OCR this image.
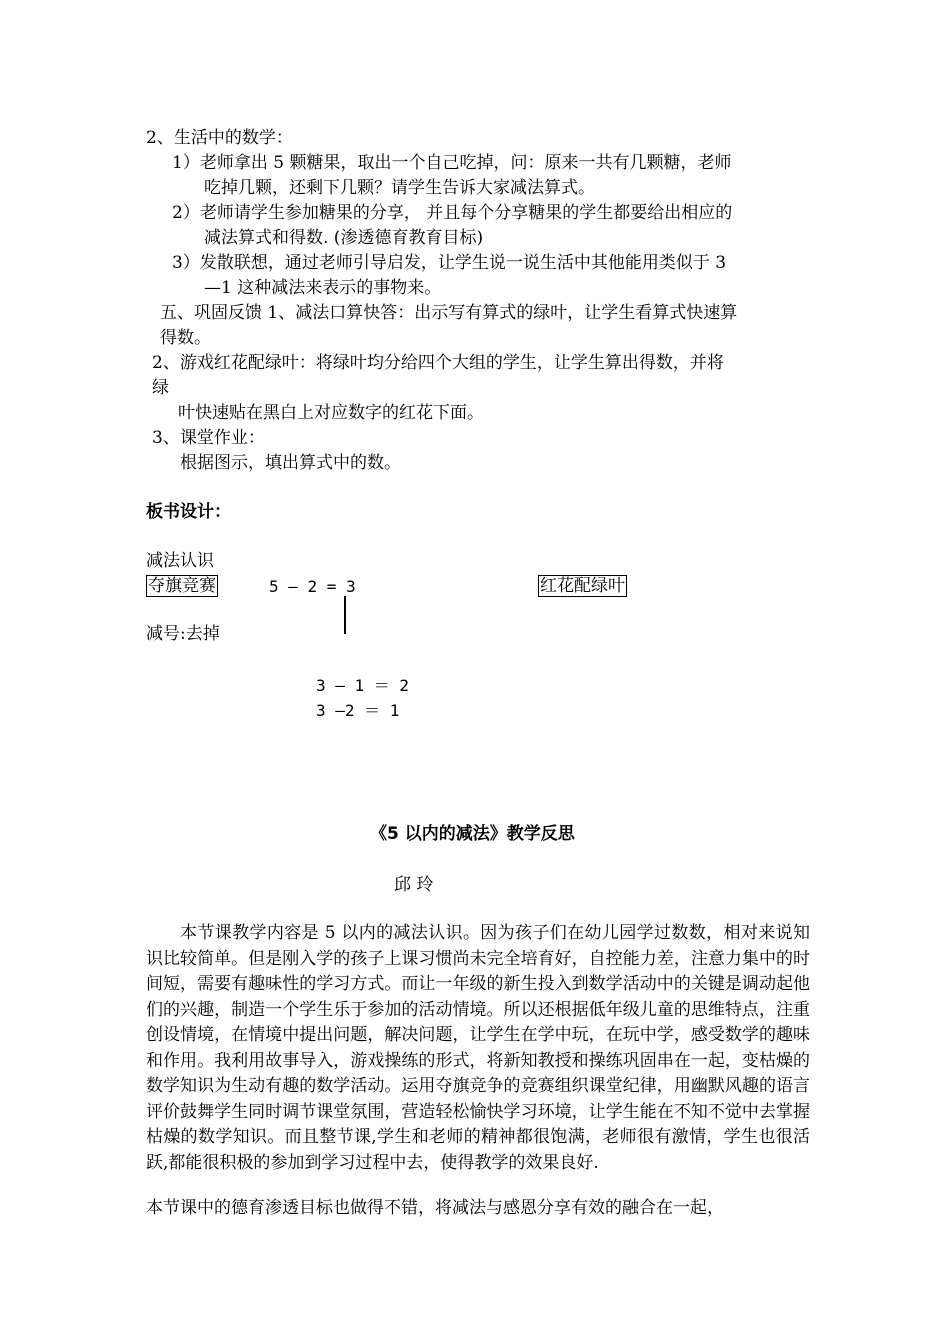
2、生活中的数学：
1）老师拿出 5 颗糖果，取出一个自己吃掉，问：原来一共有几颗糖，老师
吃掉几颗，还剩下几颗？请学生告诉大家减法算式。
2）老师请学生参加糖果的分享， 并且每个分享糖果的学生都要给出相应的
减法算式和得数. (渗透德育教育目标)
3）发散联想，通过老师引导启发，让学生说一说生活中其他能用类似于 3
—1 这种减法来表示的事物来。
五、巩固反馈 1、减法口算快答：出示写有算式的绿叶，让学生看算式快速算
得数。
2、游戏红花配绿叶：将绿叶均分给四个大组的学生，让学生算出得数，并将
绿
叶快速贴在黑白上对应数字的红花下面。
3、课堂作业：
根据图示，填出算式中的数。
板书设计：
减法认识
夺旗竞赛	5 – 2 = 3	红花配绿叶
减号:去掉
3 – 1 ＝ 2
3 –2 ＝ 1
《5 以内的减法》教学反思
邱 玲
本节课教学内容是 5 以内的减法认识。因为孩子们在幼儿园学过数数，相对来说知识比较简单。但是刚入学的孩子上课习惯尚未完全培育好，自控能力差，注意力集中的时间短，需要有趣味性的学习方式。而让一年级的新生投入到数学活动中的关键是调动起他们的兴趣，制造一个学生乐于参加的活动情境。所以还根据低年级儿童的思维特点，注重创设情境，在情境中提出问题，解决问题，让学生在学中玩，在玩中学，感受数学的趣味和作用。我利用故事导入，游戏操练的形式，将新知教授和操练巩固串在一起，变枯燥的数学知识为生动有趣的数学活动。运用夺旗竞争的竞赛组织课堂纪律，用幽默风趣的语言评价鼓舞学生同时调节课堂氛围，营造轻松愉快学习环境，让学生能在不知不觉中去掌握枯燥的数学知识。而且整节课,学生和老师的精神都很饱满，老师很有激情，学生也很活跃,都能很积极的参加到学习过程中去，使得教学的效果良好.
本节课中的德育渗透目标也做得不错，将减法与感恩分享有效的融合在一起，
